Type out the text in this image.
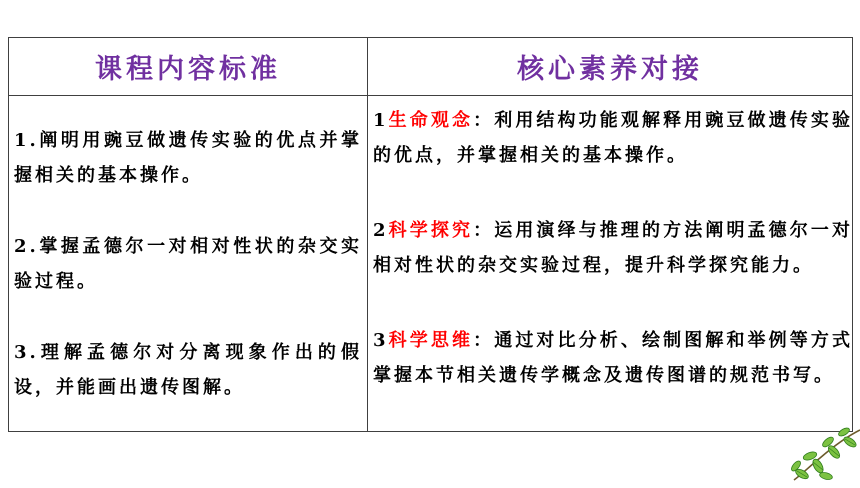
课程内容标准	核心素养对接

1.阐明用豌豆做遗传实验的优点并掌握相关的基本操作。

2.掌握孟德尔一对相对性状的杂交实验过程。

3.理解孟德尔对分离现象作出的假设，并能画出遗传图解。

1生命观念：利用结构功能观解释用豌豆做遗传实验的优点，并掌握相关的基本操作。

2科学探究：运用演绎与推理的方法阐明孟德尔一对相对性状的杂交实验过程，提升科学探究能力。

3科学思维：通过对比分析、绘制图解和举例等方式掌握本节相关遗传学概念及遗传图谱的规范书写。
